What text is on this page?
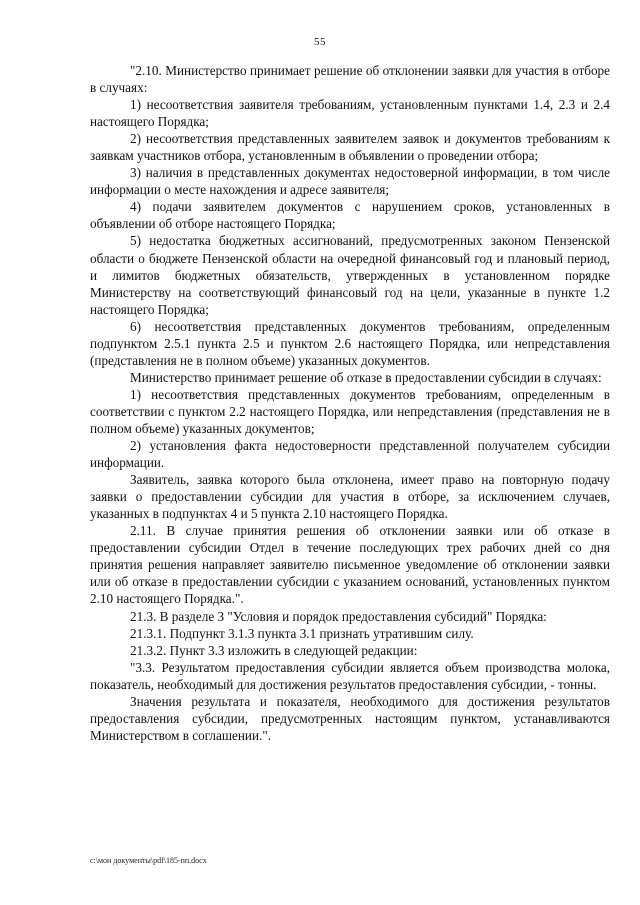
55

"2.10. Министерство принимает решение об отклонении заявки для участия в отборе в случаях:

1) несоответствия заявителя требованиям, установленным пунктами 1.4, 2.3 и 2.4 настоящего Порядка;

2) несоответствия представленных заявителем заявок и документов требованиям к заявкам участников отбора, установленным в объявлении о проведении отбора;

3) наличия в представленных документах недостоверной информации, в том числе информации о месте нахождения и адресе заявителя;

4) подачи заявителем документов с нарушением сроков, установленных в объявлении об отборе настоящего Порядка;

5) недостатка бюджетных ассигнований, предусмотренных законом Пензенской области о бюджете Пензенской области на очередной финансовый год и плановый период, и лимитов бюджетных обязательств, утвержденных в установленном порядке Министерству на соответствующий финансовый год на цели, указанные в пункте 1.2 настоящего Порядка;

6) несоответствия представленных документов требованиям, определенным подпунктом 2.5.1 пункта 2.5 и пунктом 2.6 настоящего Порядка, или непредставления (представления не в полном объеме) указанных документов.

Министерство принимает решение об отказе в предоставлении субсидии в случаях:

1) несоответствия представленных документов требованиям, определенным в соответствии с пунктом 2.2 настоящего Порядка, или непредставления (представления не в полном объеме) указанных документов;

2) установления факта недостоверности представленной получателем субсидии информации.

Заявитель, заявка которого была отклонена, имеет право на повторную подачу заявки о предоставлении субсидии для участия в отборе, за исключением случаев, указанных в подпунктах 4 и 5 пункта 2.10 настоящего Порядка.

2.11. В случае принятия решения об отклонении заявки или об отказе в предоставлении субсидии Отдел в течение последующих трех рабочих дней со дня принятия решения направляет заявителю письменное уведомление об отклонении заявки или об отказе в предоставлении субсидии с указанием оснований, установленных пунктом 2.10 настоящего Порядка.".

21.3. В разделе 3 "Условия и порядок предоставления субсидий" Порядка:

21.3.1. Подпункт 3.1.3 пункта 3.1 признать утратившим силу.

21.3.2. Пункт 3.3 изложить в следующей редакции:

"3.3. Результатом предоставления субсидии является объем производства молока, показатель, необходимый для достижения результатов предоставления субсидии, - тонны.

Значения результата и показателя, необходимого для достижения результатов предоставления субсидии, предусмотренных настоящим пунктом, устанавливаются Министерством в соглашении.".

c:\мои документы\pdf\185-пп.docx
